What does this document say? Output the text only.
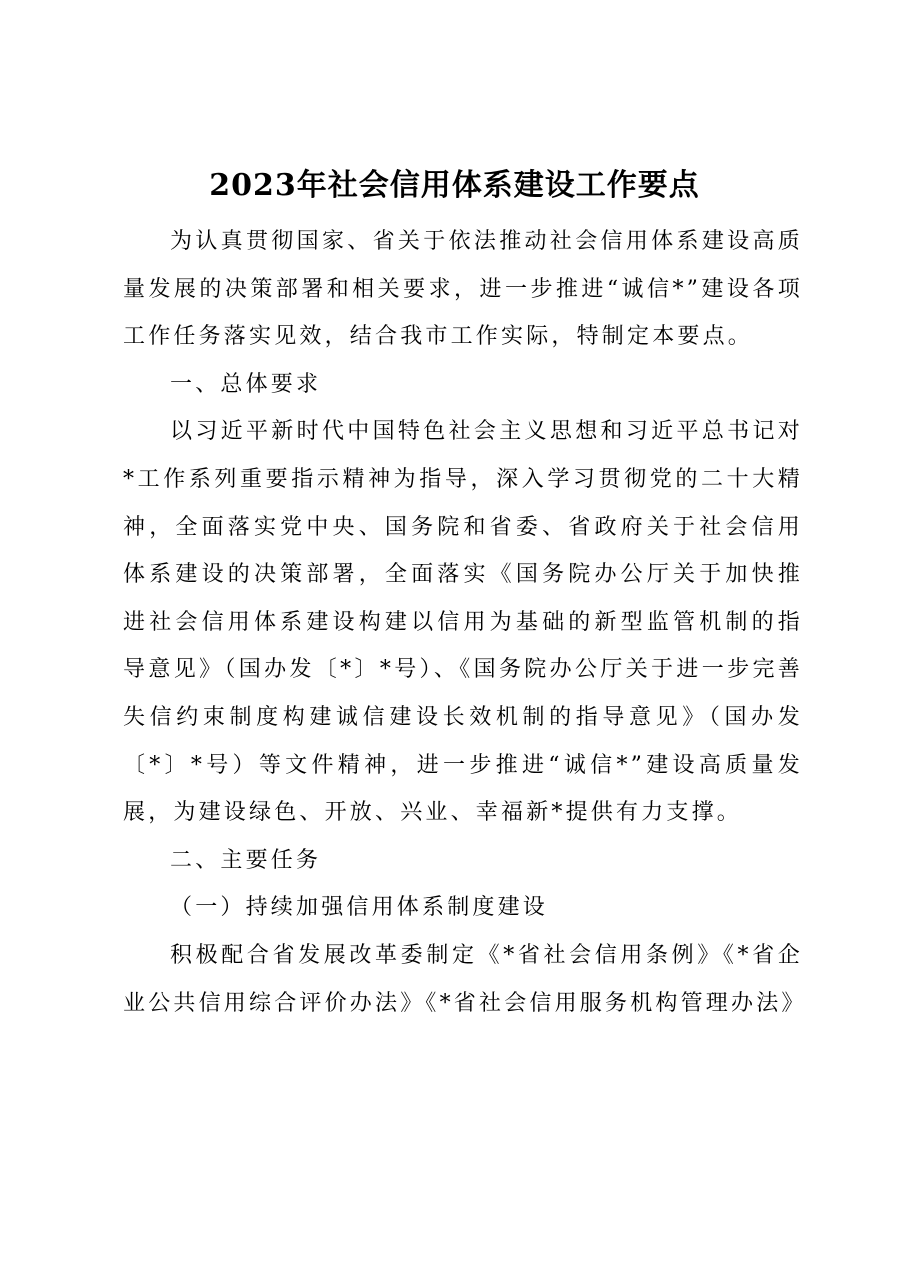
2023年社会信用体系建设工作要点

为认真贯彻国家、省关于依法推动社会信用体系建设高质量发展的决策部署和相关要求，进一步推进“诚信*”建设各项工作任务落实见效，结合我市工作实际，特制定本要点。

一、总体要求

以习近平新时代中国特色社会主义思想和习近平总书记对*工作系列重要指示精神为指导，深入学习贯彻党的二十大精神，全面落实党中央、国务院和省委、省政府关于社会信用体系建设的决策部署，全面落实《国务院办公厅关于加快推进社会信用体系建设构建以信用为基础的新型监管机制的指导意见》（国办发〔*〕*号）、《国务院办公厅关于进一步完善失信约束制度构建诚信建设长效机制的指导意见》（国办发〔*〕*号）等文件精神，进一步推进“诚信*”建设高质量发展，为建设绿色、开放、兴业、幸福新*提供有力支撑。

二、主要任务

（一）持续加强信用体系制度建设

积极配合省发展改革委制定《*省社会信用条例》《*省企业公共信用综合评价办法》《*省社会信用服务机构管理办法》
